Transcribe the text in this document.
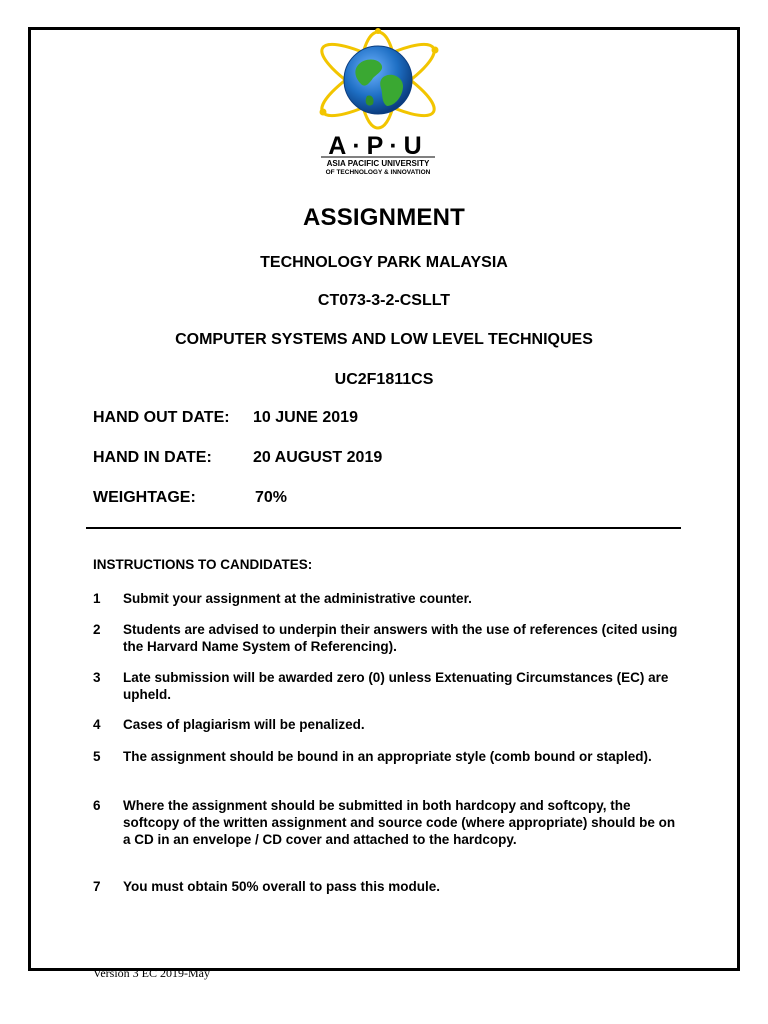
A·P·U
ASIA PACIFIC UNIVERSITY
OF TECHNOLOGY & INNOVATION
ASSIGNMENT
TECHNOLOGY PARK MALAYSIA
CT073-3-2-CSLLT
COMPUTER SYSTEMS AND LOW LEVEL TECHNIQUES
UC2F1811CS
HAND OUT DATE: 10 JUNE 2019
HAND IN DATE:	20 AUGUST 2019
WEIGHTAGE:	70%
INSTRUCTIONS TO CANDIDATES:
1 Submit your assignment at the administrative counter.
2 Students are advised to underpin their answers with the use of references (cited using the Harvard Name System of Referencing).
3 Late submission will be awarded zero (0) unless Extenuating Circumstances (EC) are upheld.
4 Cases of plagiarism will be penalized.
5 The assignment should be bound in an appropriate style (comb bound or stapled).
6 Where the assignment should be submitted in both hardcopy and softcopy, the softcopy of the written assignment and source code (where appropriate) should be on a CD in an envelope / CD cover and attached to the hardcopy.
7 You must obtain 50% overall to pass this module.
Version 3 EC 2019-May
